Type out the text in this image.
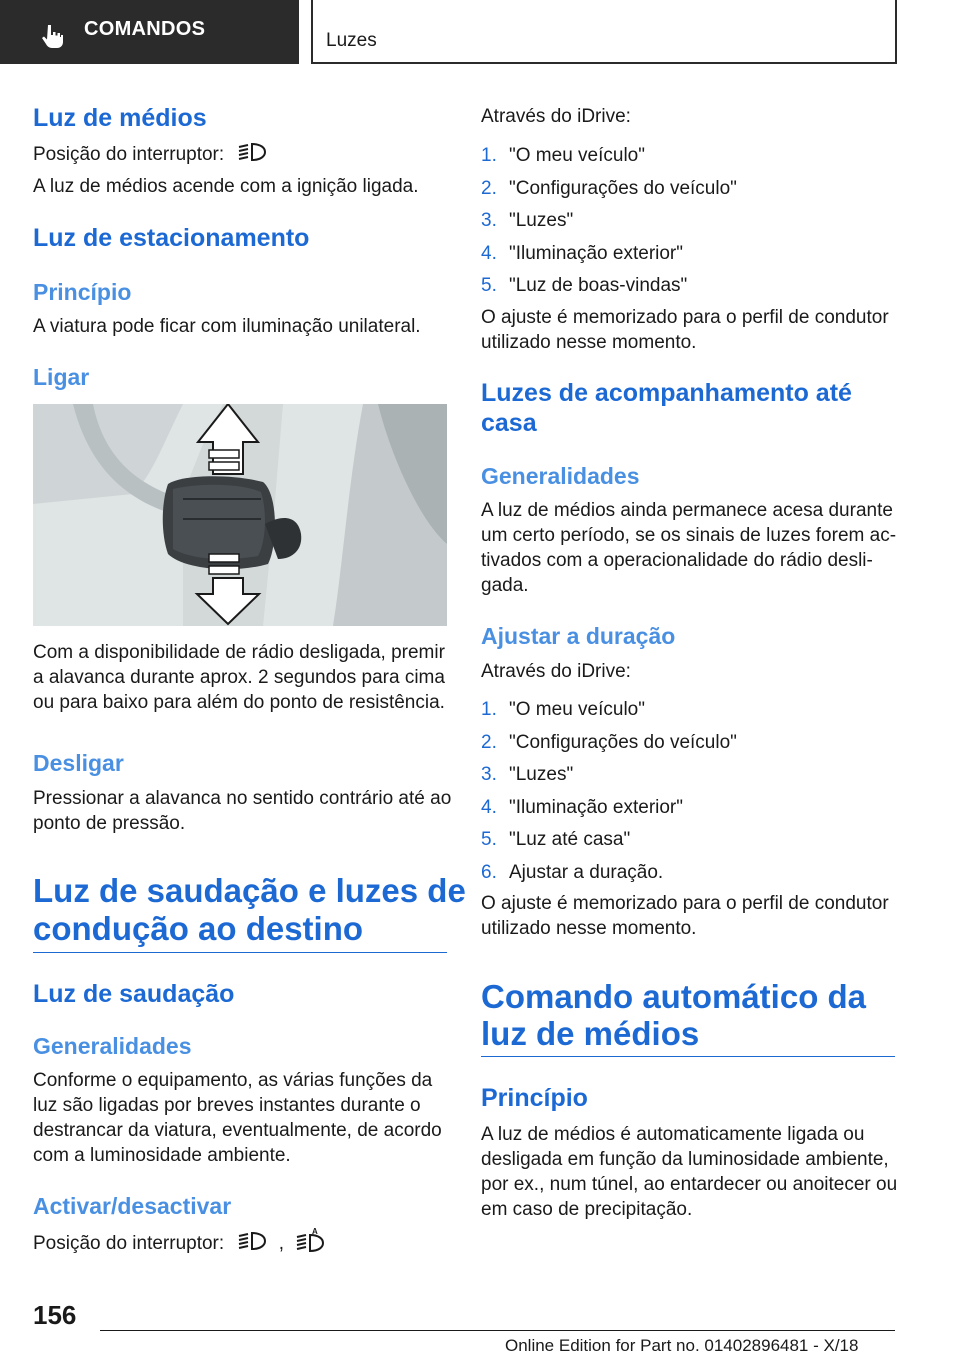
COMANDOS
Luzes
Luz de médios

Posição do interruptor:

A luz de médios acende com a ignição ligada.

Luz de estacionamento
Princípio

A viatura pode ficar com iluminação unilateral.

Ligar

Com a disponibilidade de rádio desligada, premir

a alavanca durante aprox. 2 segundos para cima

ou para baixo para além do ponto de resistência.

Desligar

Pressionar a alavanca no sentido contrário até ao

ponto de pressão.

Luz de saudação e luzes de
condução ao destino
Luz de saudação
Generalidades

Conforme o equipamento, as várias funções da

luz são ligadas por breves instantes durante o

destrancar da viatura, eventualmente, de acordo

com a luminosidade ambiente.

Activar/desactivar

Posição do interruptor:	,
A

Através do iDrive:

1. "O meu veículo"
2. "Configurações do veículo"
3. "Luzes"
4. "Iluminação exterior"
5. "Luz de boas-vindas"

O ajuste é memorizado para o perfil de condutor

utilizado nesse momento.

Luzes de acompanhamento até
casa
Generalidades

A luz de médios ainda permanece acesa durante

um certo período, se os sinais de luzes forem ac-

tivados com a operacionalidade do rádio desli-

gada.

Ajustar a duração

Através do iDrive:

1. "O meu veículo"
2. "Configurações do veículo"
3. "Luzes"
4. "Iluminação exterior"
5. "Luz até casa"
6. Ajustar a duração.

O ajuste é memorizado para o perfil de condutor

utilizado nesse momento.

Comando automático da
luz de médios
Princípio

A luz de médios é automaticamente ligada ou

desligada em função da luminosidade ambiente,

por ex., num túnel, ao entardecer ou anoitecer ou

em caso de precipitação.

156
Online Edition for Part no. 01402896481 - X/18
